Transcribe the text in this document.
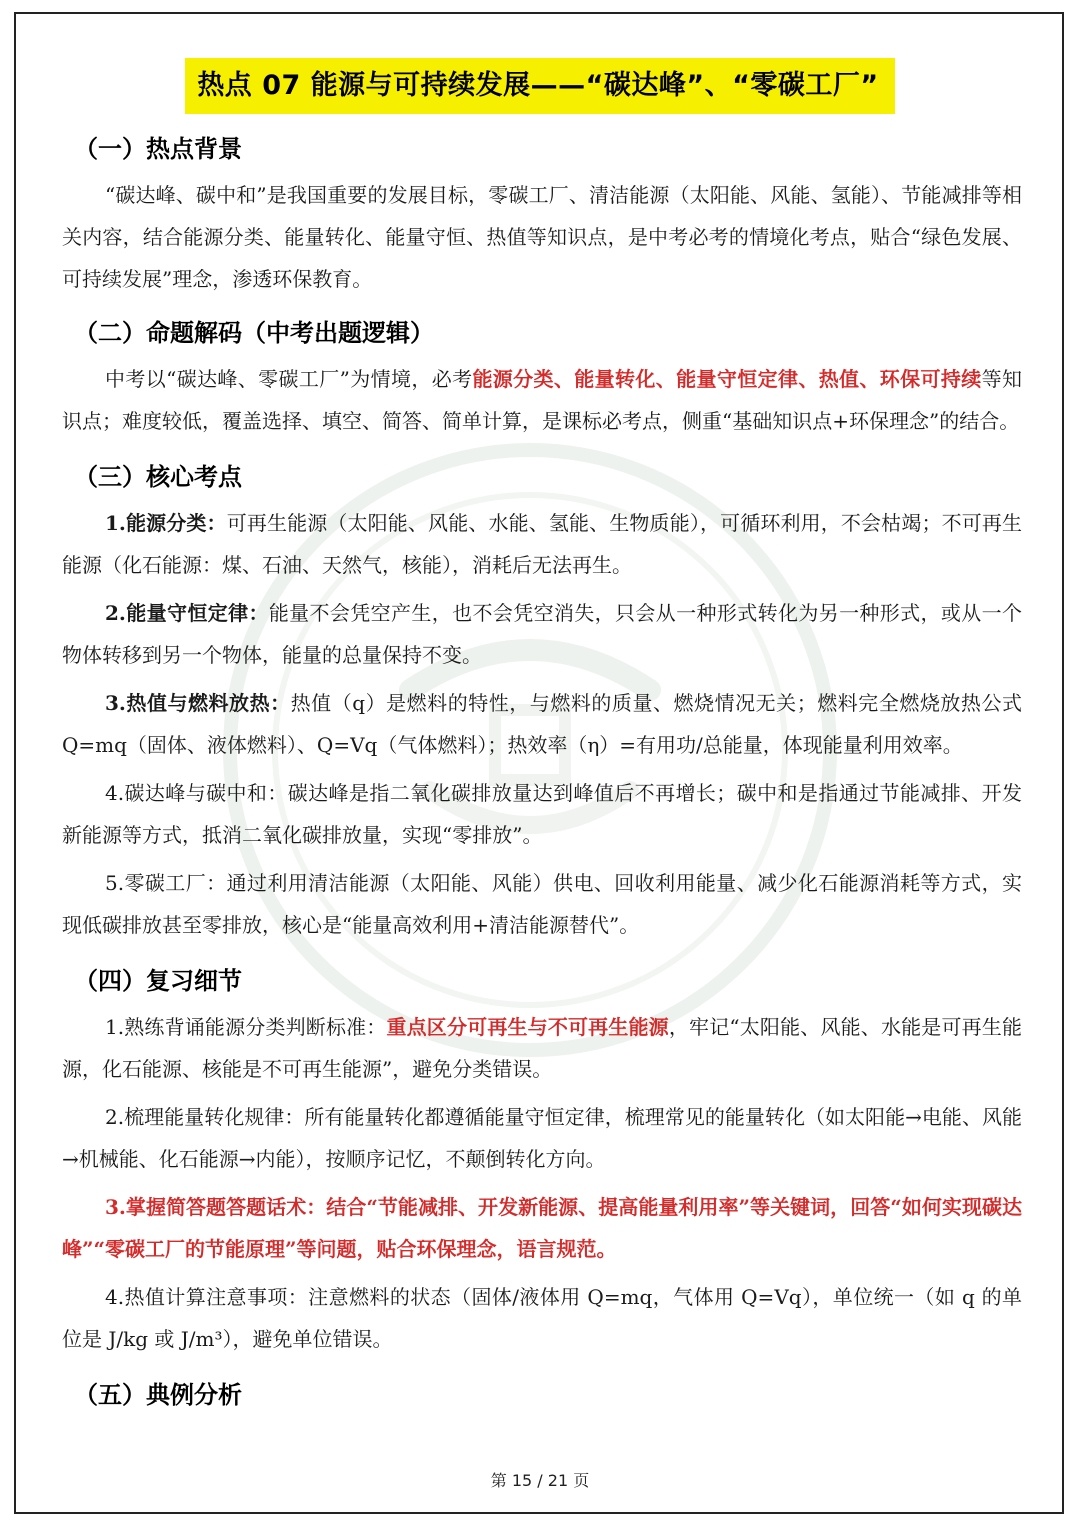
热点 07 能源与可持续发展——“碳达峰”、“零碳工厂”
（一）热点背景

“碳达峰、碳中和”是我国重要的发展目标，零碳工厂、清洁能源（太阳能、风能、氢能）、节能减排等相关内容，结合能源分类、能量转化、能量守恒、热值等知识点，是中考必考的情境化考点，贴合“绿色发展、可持续发展”理念，渗透环保教育。

（二）命题解码（中考出题逻辑）

中考以“碳达峰、零碳工厂”为情境，必考能源分类、能量转化、能量守恒定律、热值、环保可持续等知识点；难度较低，覆盖选择、填空、简答、简单计算，是课标必考点，侧重“基础知识点+环保理念”的结合。

（三）核心考点

1.能源分类：可再生能源（太阳能、风能、水能、氢能、生物质能），可循环利用，不会枯竭；不可再生能源（化石能源：煤、石油、天然气，核能），消耗后无法再生。

2.能量守恒定律：能量不会凭空产生，也不会凭空消失，只会从一种形式转化为另一种形式，或从一个物体转移到另一个物体，能量的总量保持不变。

3.热值与燃料放热：热值（q）是燃料的特性，与燃料的质量、燃烧情况无关；燃料完全燃烧放热公式 Q=mq（固体、液体燃料）、Q=Vq（气体燃料）；热效率（η）=有用功/总能量，体现能量利用效率。

4.碳达峰与碳中和：碳达峰是指二氧化碳排放量达到峰值后不再增长；碳中和是指通过节能减排、开发新能源等方式，抵消二氧化碳排放量，实现“零排放”。

5.零碳工厂：通过利用清洁能源（太阳能、风能）供电、回收利用能量、减少化石能源消耗等方式，实现低碳排放甚至零排放，核心是“能量高效利用+清洁能源替代”。

（四）复习细节

1.熟练背诵能源分类判断标准：重点区分可再生与不可再生能源，牢记“太阳能、风能、水能是可再生能源，化石能源、核能是不可再生能源”，避免分类错误。

2.梳理能量转化规律：所有能量转化都遵循能量守恒定律，梳理常见的能量转化（如太阳能→电能、风能→机械能、化石能源→内能），按顺序记忆，不颠倒转化方向。

3.掌握简答题答题话术：结合“节能减排、开发新能源、提高能量利用率”等关键词，回答“如何实现碳达峰”“零碳工厂的节能原理”等问题，贴合环保理念，语言规范。

4.热值计算注意事项：注意燃料的状态（固体/液体用 Q=mq，气体用 Q=Vq），单位统一（如 q 的单位是 J/kg 或 J/m³），避免单位错误。

（五）典例分析
第 15 / 21 页
